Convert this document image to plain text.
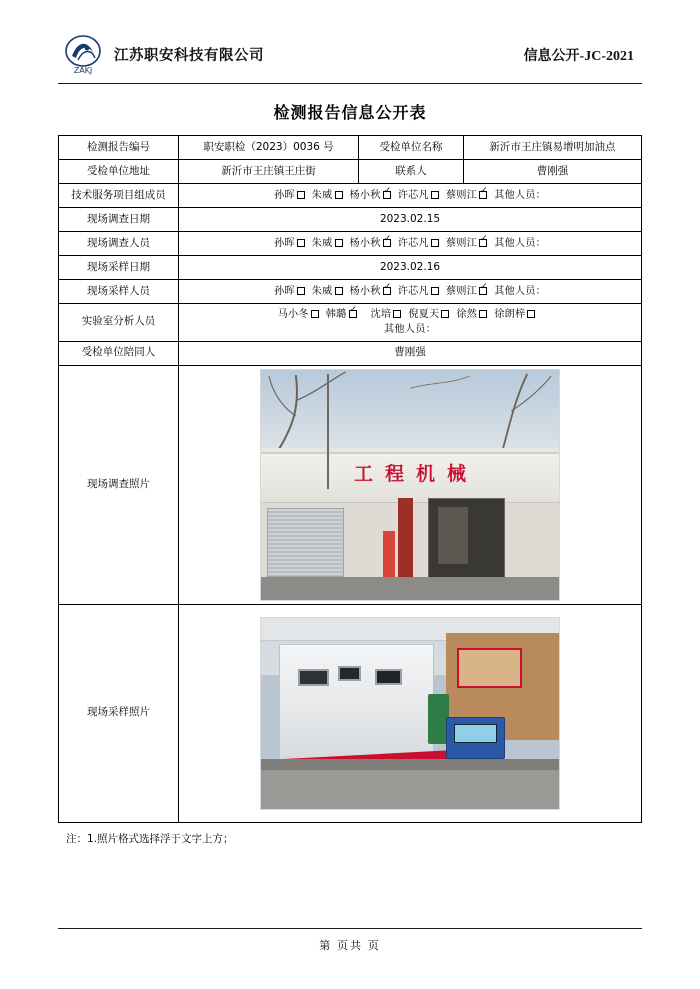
ZAKJ
江苏职安科技有限公司	信息公开-JC-2021
检测报告信息公开表
检测报告编号	职安职检（2023）0036 号	受检单位名称	新沂市王庄镇易增明加油点
受检单位地址	新沂市王庄镇王庄街	联系人	曹刚强
技术服务项目组成员	孙晖 朱威 杨小秋 ✓ 许芯凡 蔡则江 ✓ 其他人员：
现场调查日期	2023.02.15		
现场调查人员	孙晖 朱威 杨小秋 ✓ 许芯凡 蔡则江 ✓ 其他人员：
现场采样日期	2023.02.16		
现场采样人员	孙晖 朱威 杨小秋 ✓ 许芯凡 蔡则江 ✓ 其他人员：
实验室分析人员	马小冬 韩璐 ✓ 沈培 倪夏天 徐然 徐朗梓
其他人员：

受检单位陪同人	曹刚强		
现场调查照片	工程机械		

现场采样照片			
注：1.照片格式选择浮于文字上方；
第 页共 页
